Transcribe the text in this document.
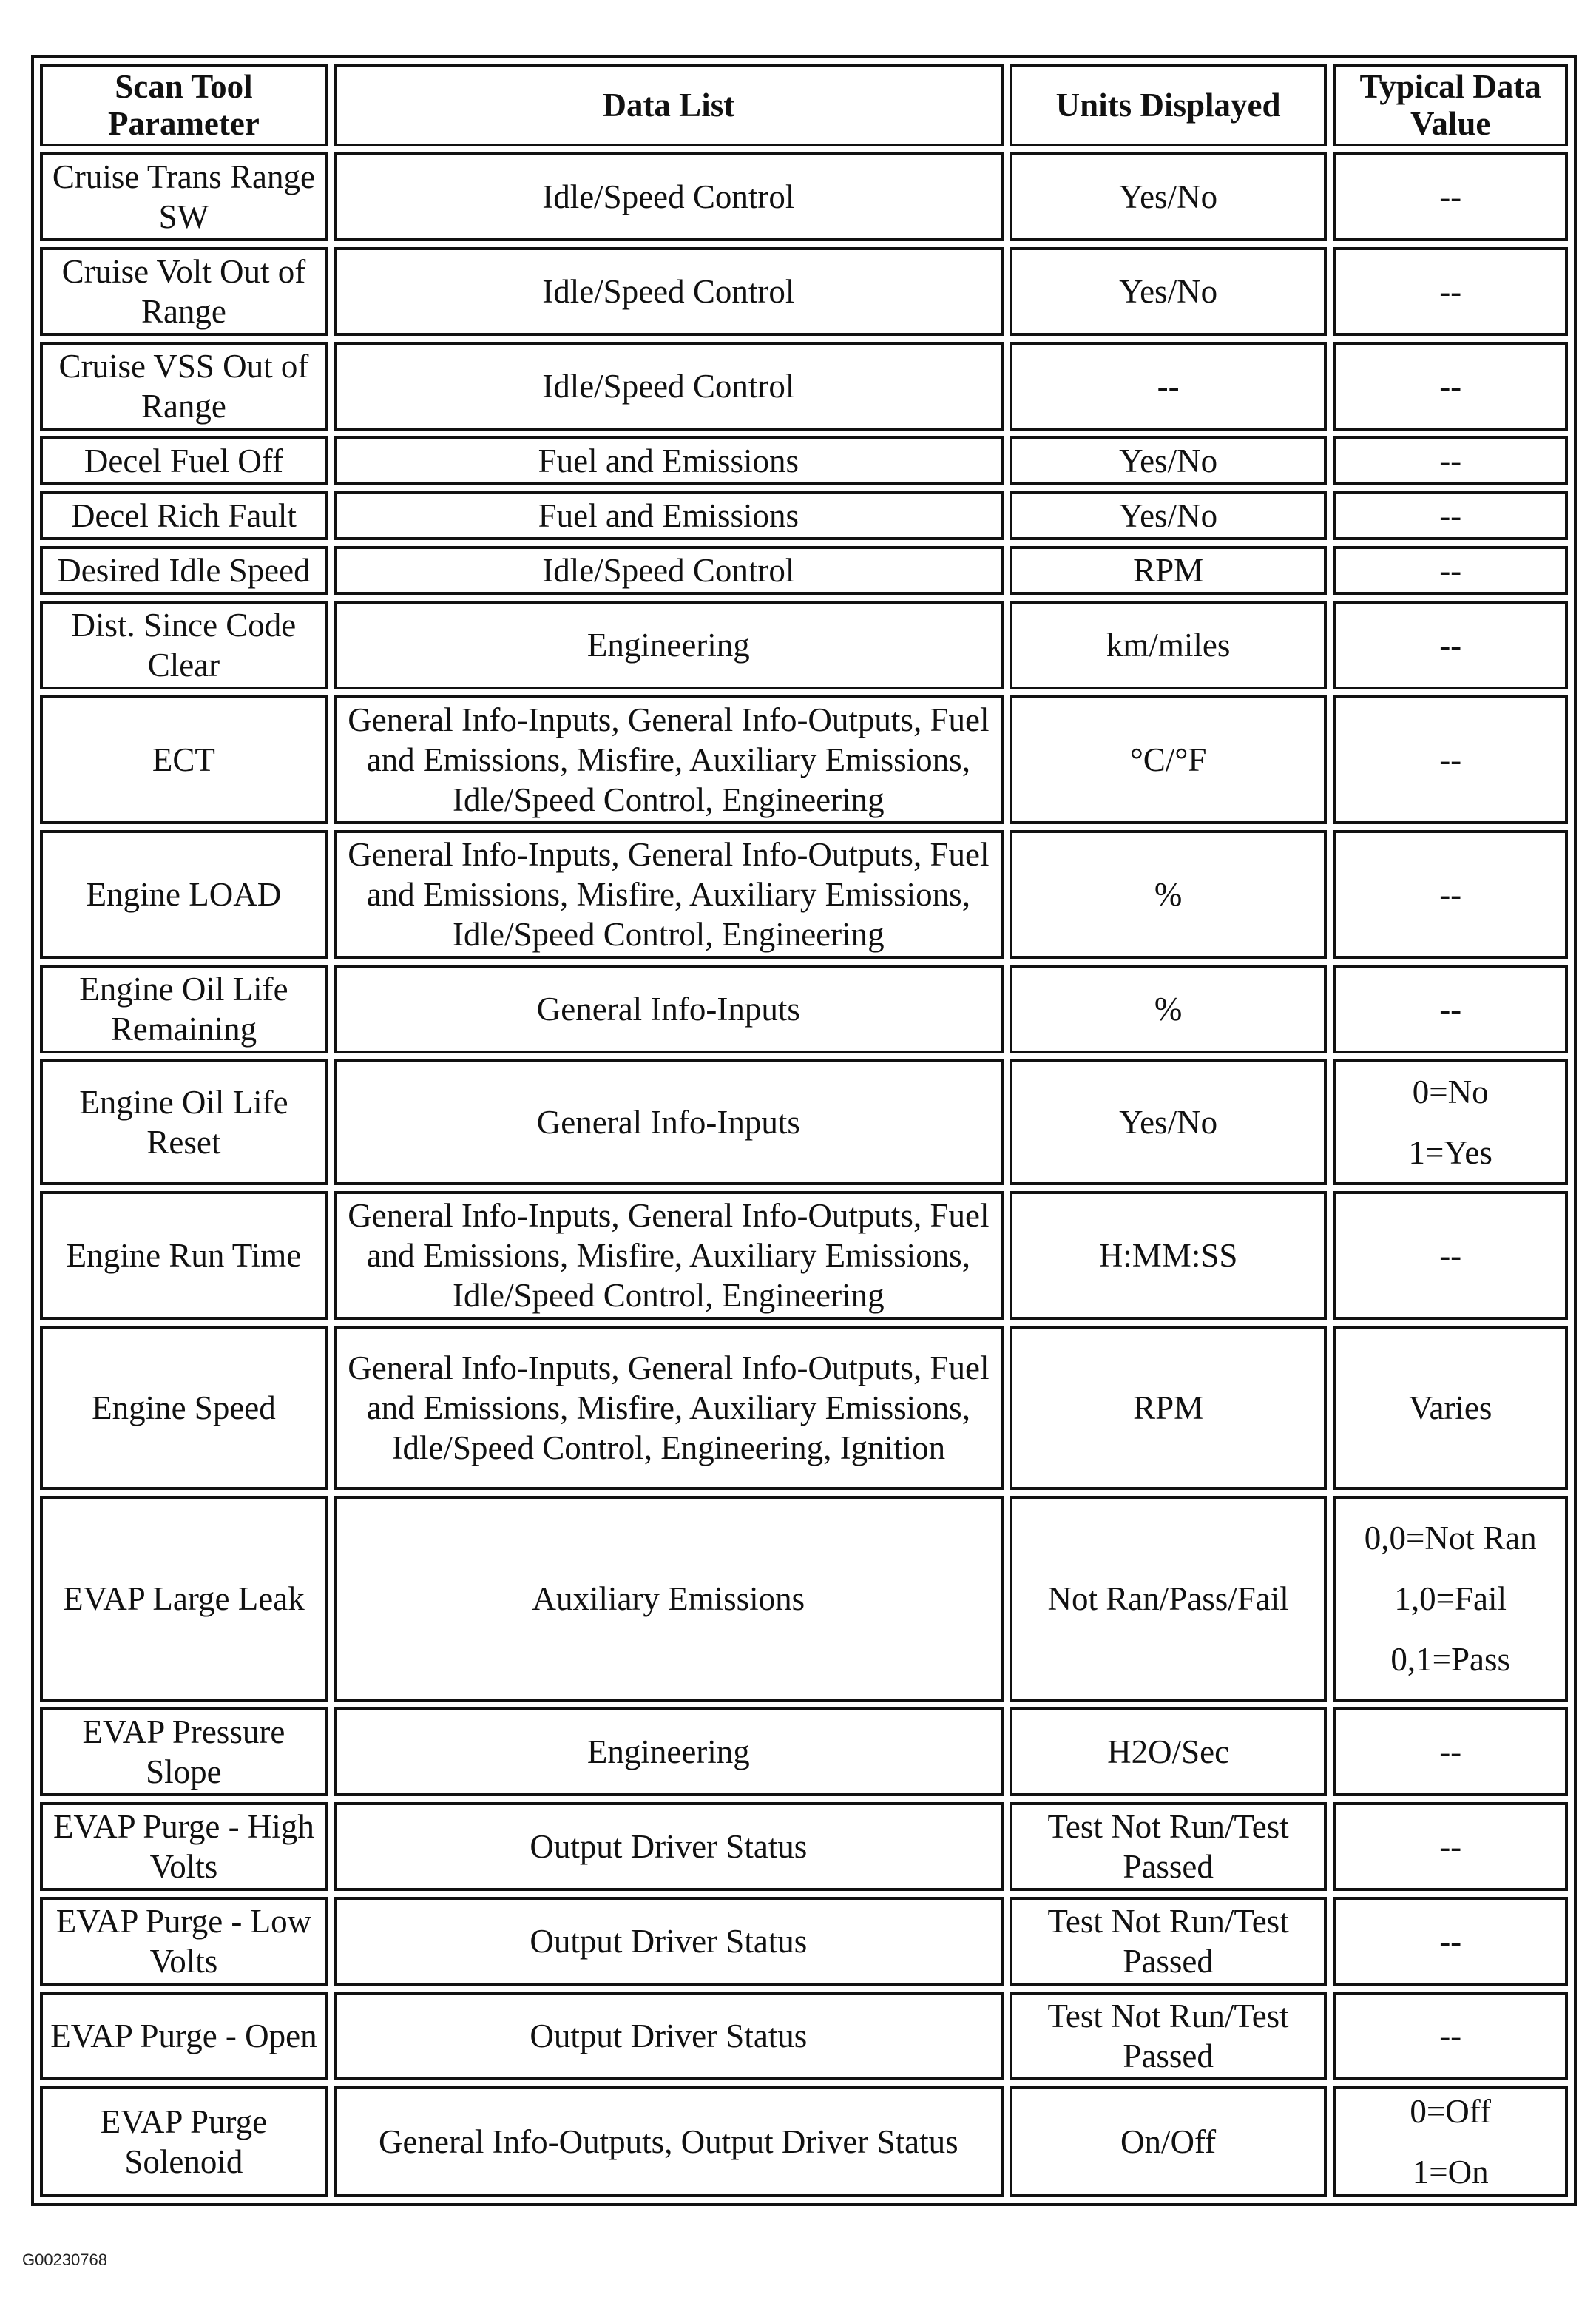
Scan Tool Parameter	Data List	Units Displayed	Typical Data Value
Cruise Trans Range SW	Idle/Speed Control	Yes/No	--

Cruise Volt Out of Range	Idle/Speed Control	Yes/No	--

Cruise VSS Out of Range	Idle/Speed Control	--	--

Decel Fuel Off	Fuel and Emissions	Yes/No	--

Decel Rich Fault	Fuel and Emissions	Yes/No	--

Desired Idle Speed	Idle/Speed Control	RPM	--

Dist. Since Code Clear	Engineering	km/miles	--

ECT	General Info-Inputs, General Info-Outputs, Fuel and Emissions, Misfire, Auxiliary Emissions, Idle/Speed Control, Engineering	°C/°F	--

Engine LOAD	General Info-Inputs, General Info-Outputs, Fuel and Emissions, Misfire, Auxiliary Emissions, Idle/Speed Control, Engineering	%	--

Engine Oil Life Remaining	General Info-Inputs	%	--

Engine Oil Life Reset	General Info-Inputs	Yes/No	0=No
1=Yes

Engine Run Time	General Info-Inputs, General Info-Outputs, Fuel and Emissions, Misfire, Auxiliary Emissions, Idle/Speed Control, Engineering	H:MM:SS	--

Engine Speed	General Info-Inputs, General Info-Outputs, Fuel and Emissions, Misfire, Auxiliary Emissions, Idle/Speed Control, Engineering, Ignition	RPM	Varies

EVAP Large Leak	Auxiliary Emissions	Not Ran/Pass/Fail	0,0=Not Ran
1,0=Fail
0,1=Pass

EVAP Pressure Slope	Engineering	H2O/Sec	--

EVAP Purge - High Volts	Output Driver Status	Test Not Run/Test Passed	--

EVAP Purge - Low Volts	Output Driver Status	Test Not Run/Test Passed	--

EVAP Purge - Open	Output Driver Status	Test Not Run/Test Passed	--

EVAP Purge Solenoid	General Info-Outputs, Output Driver Status	On/Off	0=Off
1=On
G00230768
